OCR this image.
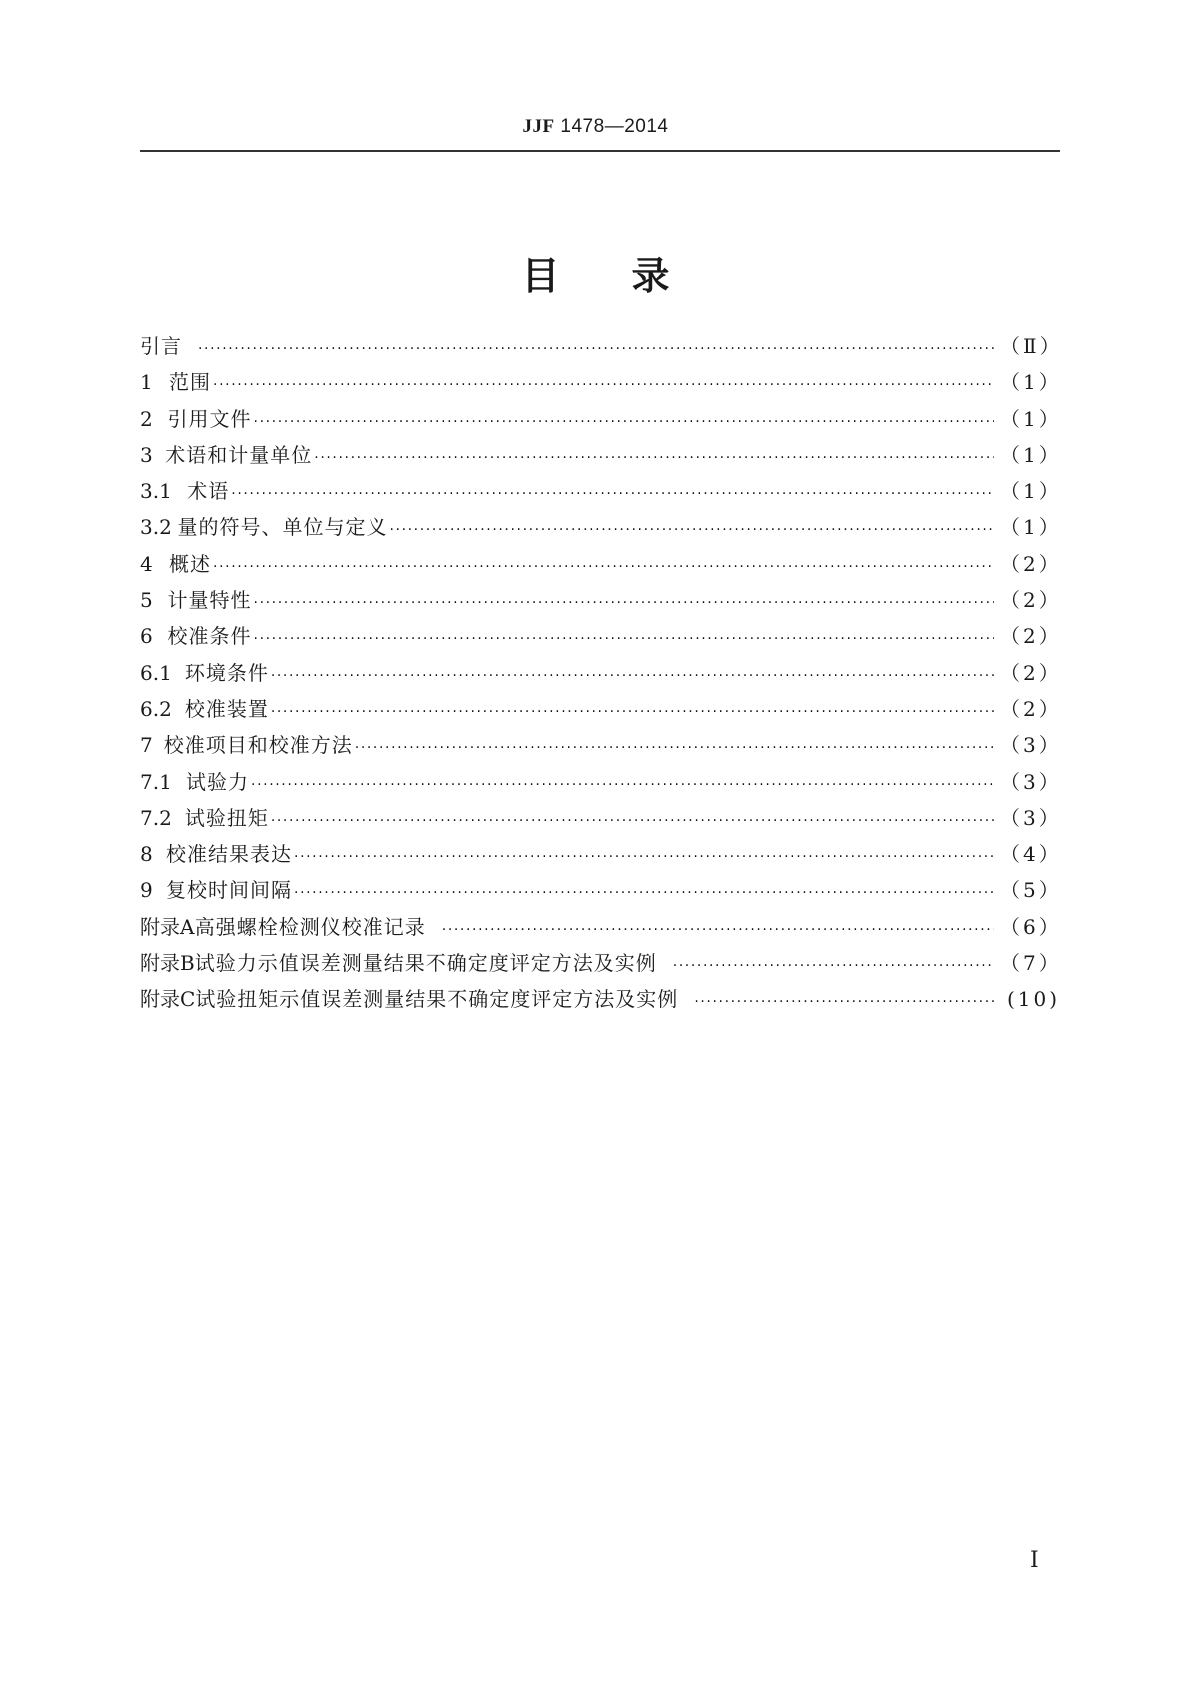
JJF 1478—2014
目录
引言 ·····	（Ⅱ）
1 范围 ·····	（1）
2 引用文件 ·····	（1）
3 术语和计量单位 ·····	（1）
3.1 术语 ·····	（1）
3.2 量的符号、单位与定义 ·····	（1）
4 概述 ·····	（2）
5 计量特性 ·····	（2）
6 校准条件 ·····	（2）
6.1 环境条件 ·····	（2）
6.2 校准装置 ·····	（2）
7 校准项目和校准方法 ·····	（3）
7.1 试验力 ·····	（3）
7.2 试验扭矩 ·····	（3）
8 校准结果表达 ·····	（4）
9 复校时间间隔 ·····	（5）
附录A 高强螺栓检测仪校准记录 ·····	（6）
附录B 试验力示值误差测量结果不确定度评定方法及实例 ·····	（7）
附录C 试验扭矩示值误差测量结果不确定度评定方法及实例 ·····	(10)
Ⅰ
